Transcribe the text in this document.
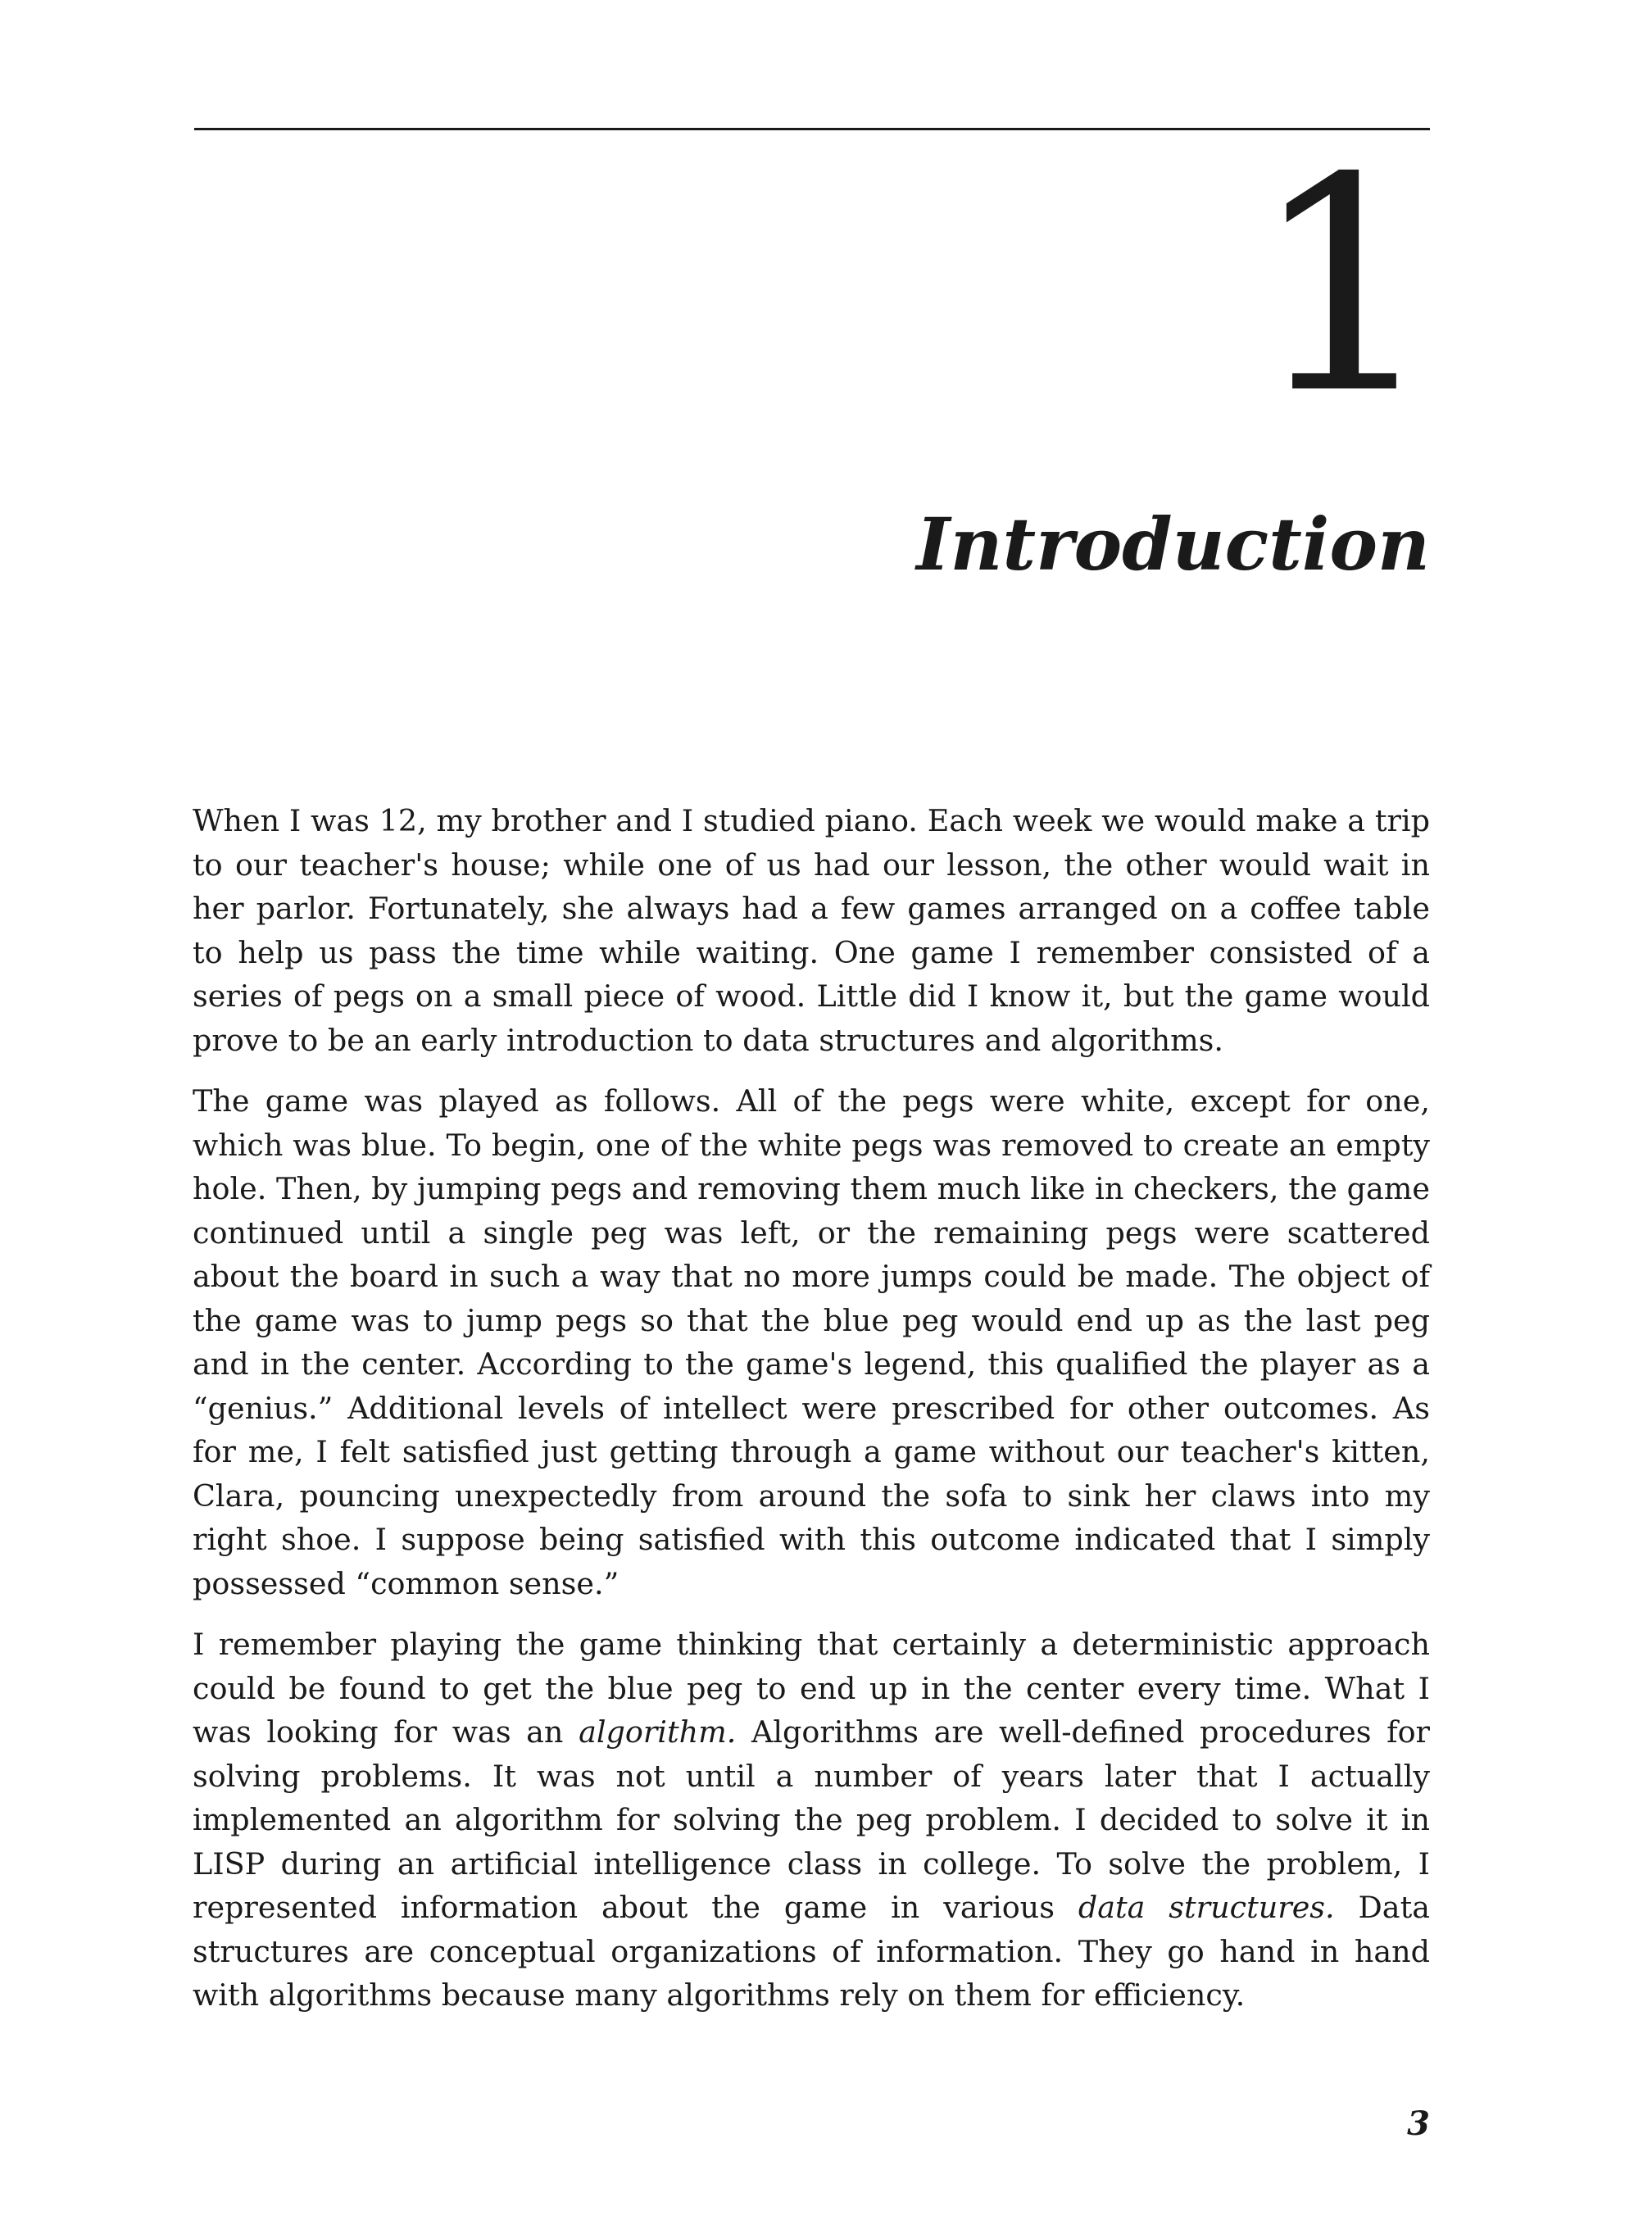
1
Introduction

When I was 12, my brother and I studied piano. Each week we would make a trip to our teacher's house; while one of us had our lesson, the other would wait in her parlor. Fortunately, she always had a few games arranged on a coffee table to help us pass the time while waiting. One game I remember consisted of a series of pegs on a small piece of wood. Little did I know it, but the game would prove to be an early introduction to data structures and algorithms.

The game was played as follows. All of the pegs were white, except for one, which was blue. To begin, one of the white pegs was removed to create an empty hole. Then, by jumping pegs and removing them much like in checkers, the game continued until a single peg was left, or the remaining pegs were scattered about the board in such a way that no more jumps could be made. The object of the game was to jump pegs so that the blue peg would end up as the last peg and in the center. According to the game's legend, this qualified the player as a “genius.” Additional levels of intellect were prescribed for other outcomes. As for me, I felt satisfied just getting through a game without our teacher's kitten, Clara, pouncing unexpectedly from around the sofa to sink her claws into my right shoe. I suppose being satisfied with this outcome indicated that I simply possessed “common sense.”

I remember playing the game thinking that certainly a deterministic approach could be found to get the blue peg to end up in the center every time. What I was looking for was an algorithm. Algorithms are well-defined procedures for solving problems. It was not until a number of years later that I actually implemented an algorithm for solving the peg problem. I decided to solve it in LISP during an artificial intelligence class in college. To solve the problem, I represented information about the game in various data structures. Data structures are conceptual organizations of information. They go hand in hand with algorithms because many algorithms rely on them for efficiency.

3
